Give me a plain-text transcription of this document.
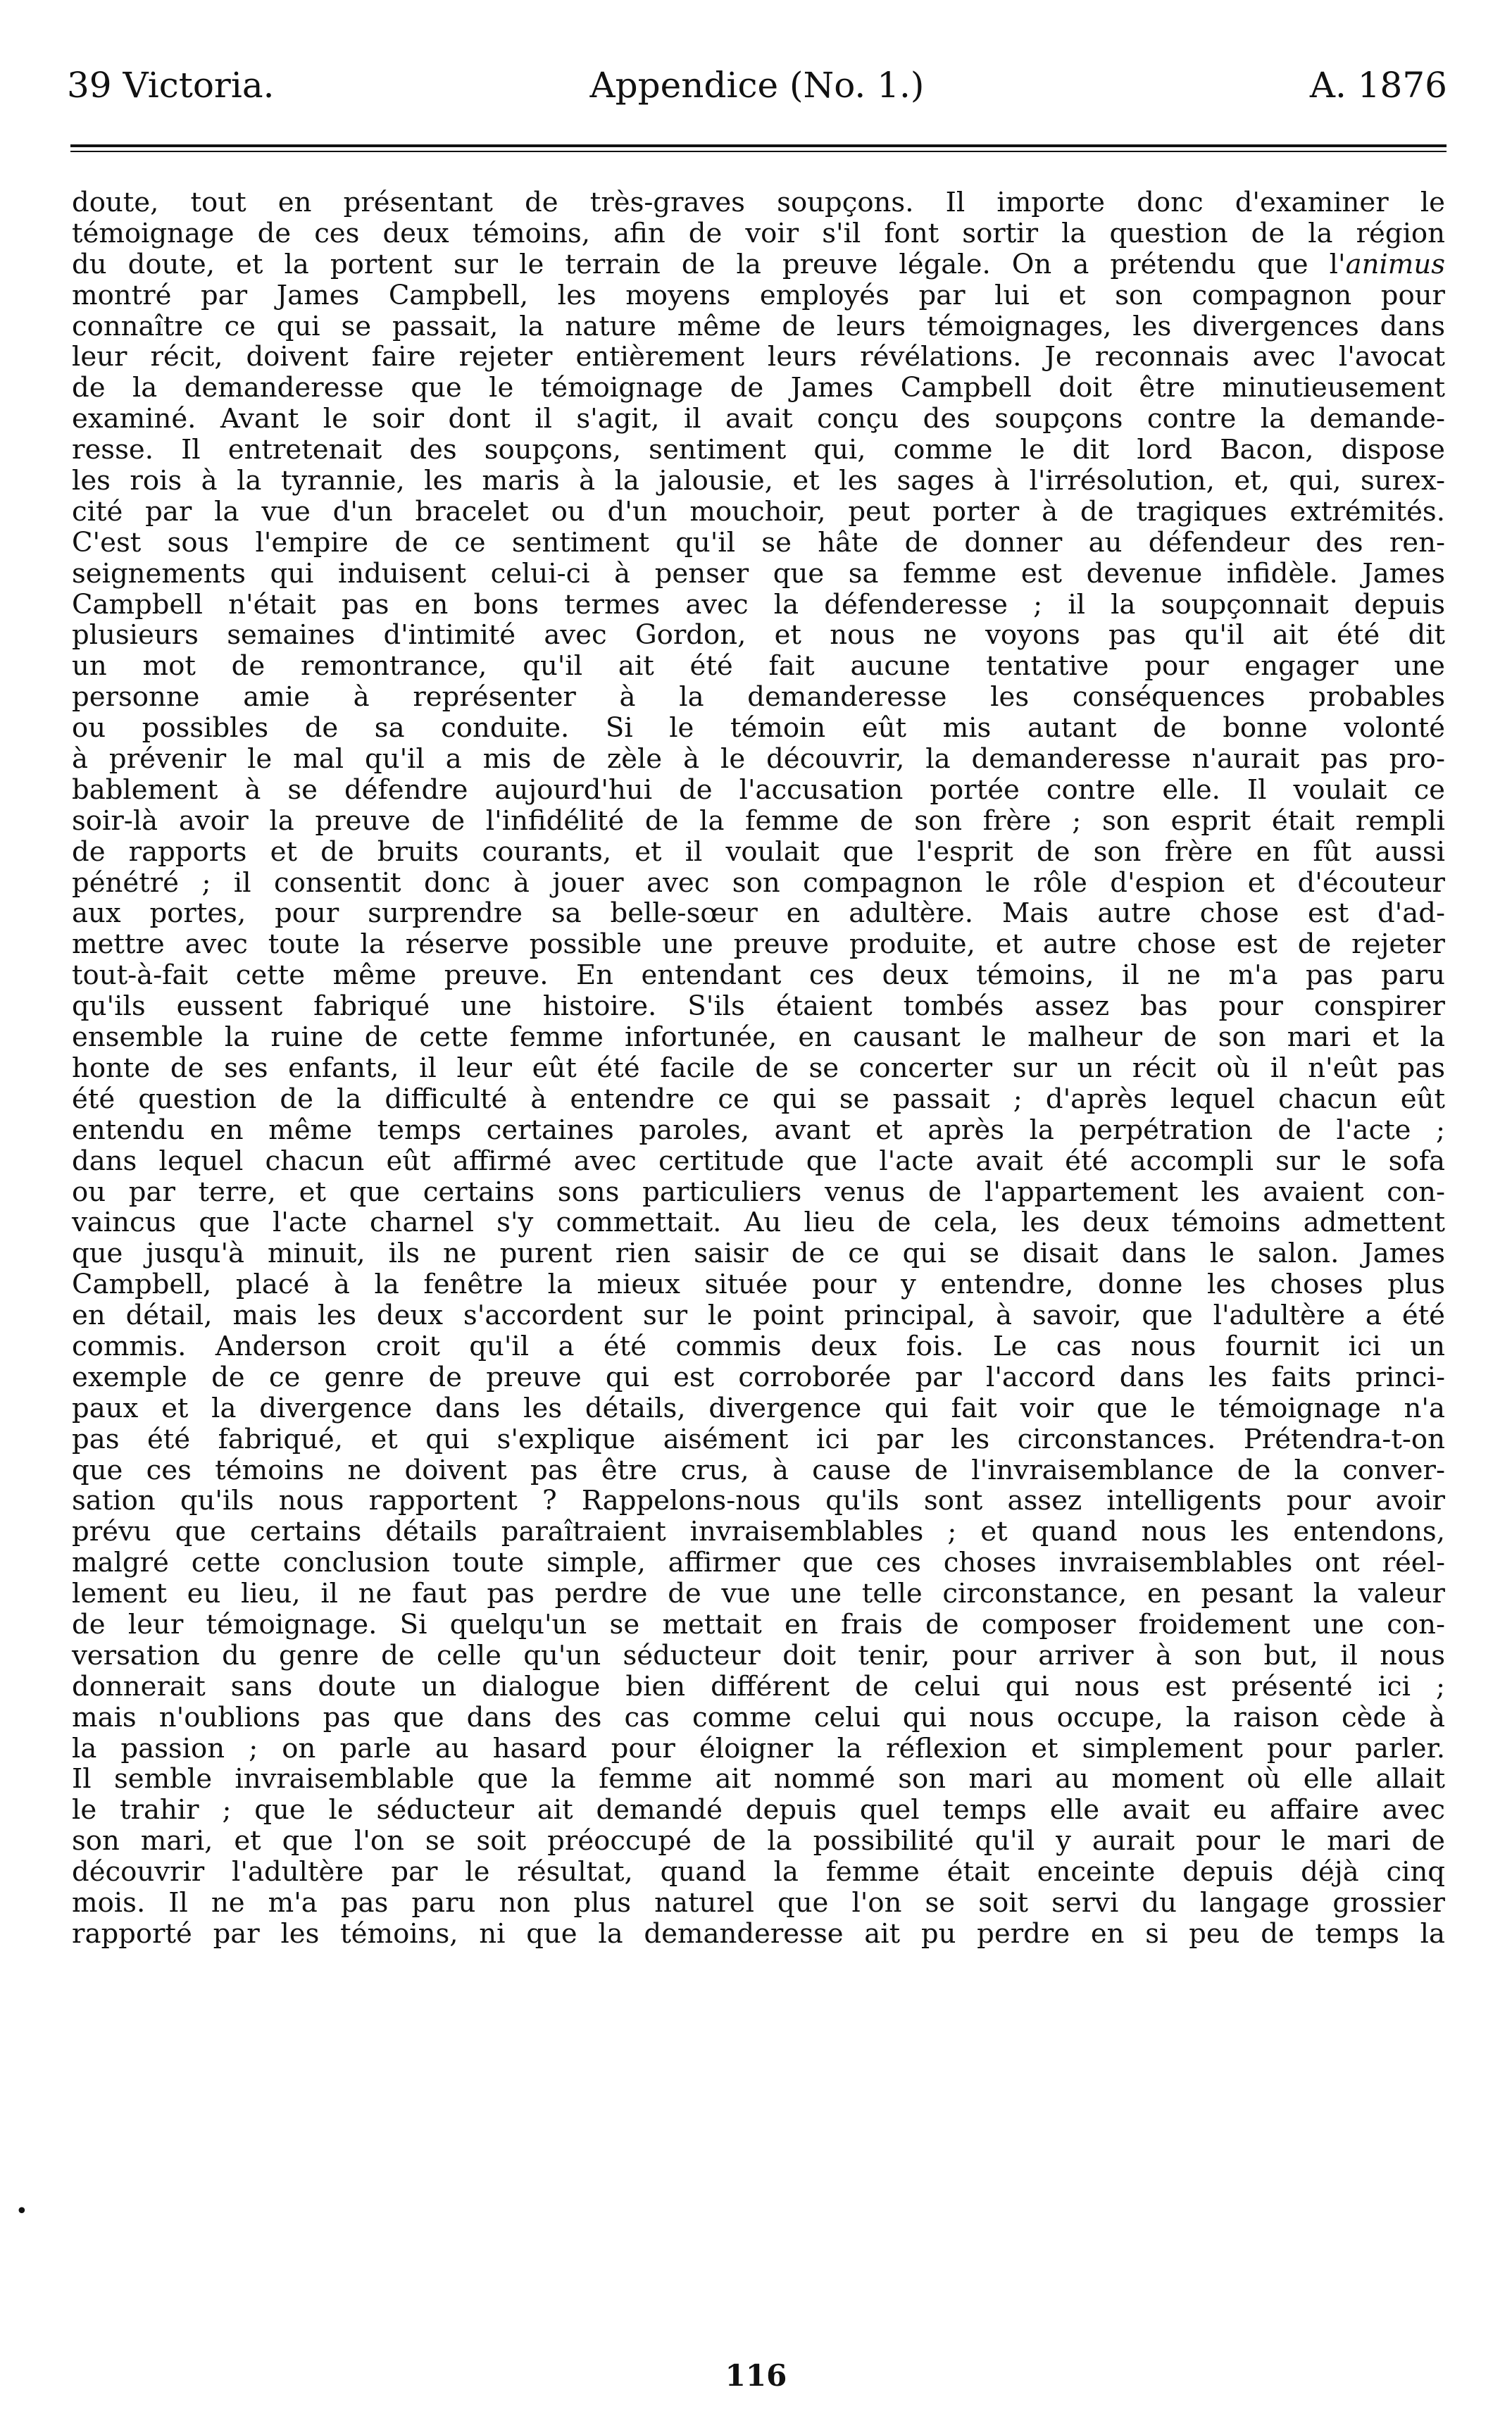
39 Victoria.	Appendice (No. 1.)	A. 1876
doute, tout en présentant de très-graves soupçons. Il importe donc d'examiner le
témoignage de ces deux témoins, afin de voir s'il font sortir la question de la région
du doute, et la portent sur le terrain de la preuve légale. On a prétendu que l'animus
montré par James Campbell, les moyens employés par lui et son compagnon pour
connaître ce qui se passait, la nature même de leurs témoignages, les divergences dans
leur récit, doivent faire rejeter entièrement leurs révélations. Je reconnais avec l'avocat
de la demanderesse que le témoignage de James Campbell doit être minutieusement
examiné. Avant le soir dont il s'agit, il avait conçu des soupçons contre la demande-
resse. Il entretenait des soupçons, sentiment qui, comme le dit lord Bacon, dispose
les rois à la tyrannie, les maris à la jalousie, et les sages à l'irrésolution, et, qui, surex-
cité par la vue d'un bracelet ou d'un mouchoir, peut porter à de tragiques extrémités.
C'est sous l'empire de ce sentiment qu'il se hâte de donner au défendeur des ren-
seignements qui induisent celui-ci à penser que sa femme est devenue infidèle. James
Campbell n'était pas en bons termes avec la défenderesse ; il la soupçonnait depuis
plusieurs semaines d'intimité avec Gordon, et nous ne voyons pas qu'il ait été dit
un mot de remontrance, qu'il ait été fait aucune tentative pour engager une
personne amie à représenter à la demanderesse les conséquences probables
ou possibles de sa conduite. Si le témoin eût mis autant de bonne volonté
à prévenir le mal qu'il a mis de zèle à le découvrir, la demanderesse n'aurait pas pro-
bablement à se défendre aujourd'hui de l'accusation portée contre elle. Il voulait ce
soir-là avoir la preuve de l'infidélité de la femme de son frère ; son esprit était rempli
de rapports et de bruits courants, et il voulait que l'esprit de son frère en fût aussi
pénétré ; il consentit donc à jouer avec son compagnon le rôle d'espion et d'écouteur
aux portes, pour surprendre sa belle-sœur en adultère. Mais autre chose est d'ad-
mettre avec toute la réserve possible une preuve produite, et autre chose est de rejeter
tout-à-fait cette même preuve. En entendant ces deux témoins, il ne m'a pas paru
qu'ils eussent fabriqué une histoire. S'ils étaient tombés assez bas pour conspirer
ensemble la ruine de cette femme infortunée, en causant le malheur de son mari et la
honte de ses enfants, il leur eût été facile de se concerter sur un récit où il n'eût pas
été question de la difficulté à entendre ce qui se passait ; d'après lequel chacun eût
entendu en même temps certaines paroles, avant et après la perpétration de l'acte ;
dans lequel chacun eût affirmé avec certitude que l'acte avait été accompli sur le sofa
ou par terre, et que certains sons particuliers venus de l'appartement les avaient con-
vaincus que l'acte charnel s'y commettait. Au lieu de cela, les deux témoins admettent
que jusqu'à minuit, ils ne purent rien saisir de ce qui se disait dans le salon. James
Campbell, placé à la fenêtre la mieux située pour y entendre, donne les choses plus
en détail, mais les deux s'accordent sur le point principal, à savoir, que l'adultère a été
commis. Anderson croit qu'il a été commis deux fois. Le cas nous fournit ici un
exemple de ce genre de preuve qui est corroborée par l'accord dans les faits princi-
paux et la divergence dans les détails, divergence qui fait voir que le témoignage n'a
pas été fabriqué, et qui s'explique aisément ici par les circonstances. Prétendra-t-on
que ces témoins ne doivent pas être crus, à cause de l'invraisemblance de la conver-
sation qu'ils nous rapportent ? Rappelons-nous qu'ils sont assez intelligents pour avoir
prévu que certains détails paraîtraient invraisemblables ; et quand nous les entendons,
malgré cette conclusion toute simple, affirmer que ces choses invraisemblables ont réel-
lement eu lieu, il ne faut pas perdre de vue une telle circonstance, en pesant la valeur
de leur témoignage. Si quelqu'un se mettait en frais de composer froidement une con-
versation du genre de celle qu'un séducteur doit tenir, pour arriver à son but, il nous
donnerait sans doute un dialogue bien différent de celui qui nous est présenté ici ;
mais n'oublions pas que dans des cas comme celui qui nous occupe, la raison cède à
la passion ; on parle au hasard pour éloigner la réflexion et simplement pour parler.
Il semble invraisemblable que la femme ait nommé son mari au moment où elle allait
le trahir ; que le séducteur ait demandé depuis quel temps elle avait eu affaire avec
son mari, et que l'on se soit préoccupé de la possibilité qu'il y aurait pour le mari de
découvrir l'adultère par le résultat, quand la femme était enceinte depuis déjà cinq
mois. Il ne m'a pas paru non plus naturel que l'on se soit servi du langage grossier
rapporté par les témoins, ni que la demanderesse ait pu perdre en si peu de temps la
•
116
